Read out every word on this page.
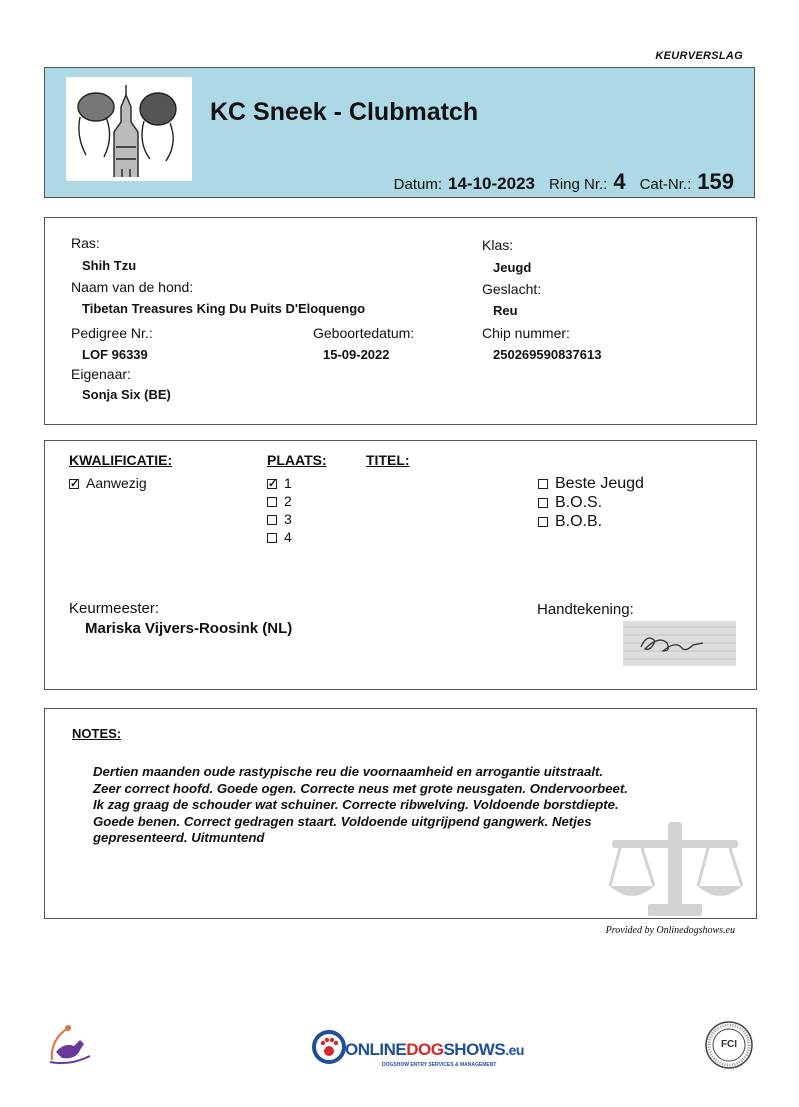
KEURVERSLAG
KC Sneek - Clubmatch
Datum: 14-10-2023 Ring Nr.: 4 Cat-Nr.: 159
Ras:
Shih Tzu
Naam van de hond:
Tibetan Treasures King Du Puits D'Eloquengo
Pedigree Nr.:
LOF 96339
Geboortedatum:
15-09-2022
Eigenaar:
Sonja Six (BE)
Klas:
Jeugd
Geslacht:
Reu
Chip nummer:
250269590837613
KWALIFICATIE:
✓Aanwezig
PLAATS:
✓1
2
3
4
TITEL:
Beste Jeugd
B.O.S.
B.O.B.
Keurmeester:
Mariska Vijvers-Roosink (NL)
Handtekening:
NOTES:
Dertien maanden oude rastypische reu die voornaamheid en arrogantie uitstraalt.
Zeer correct hoofd. Goede ogen. Correcte neus met grote neusgaten. Ondervoorbeet.
Ik zag graag de schouder wat schuiner. Correcte ribwelving. Voldoende borstdiepte.
Goede benen. Correct gedragen staart. Voldoende uitgrijpend gangwerk. Netjes
gepresenteerd. Uitmuntend
Provided by Onlinedogshows.eu
ONLINEDOGSHOWS.eu
DOGSHOW ENTRY SERVICES & MANAGEMENT
FCI
